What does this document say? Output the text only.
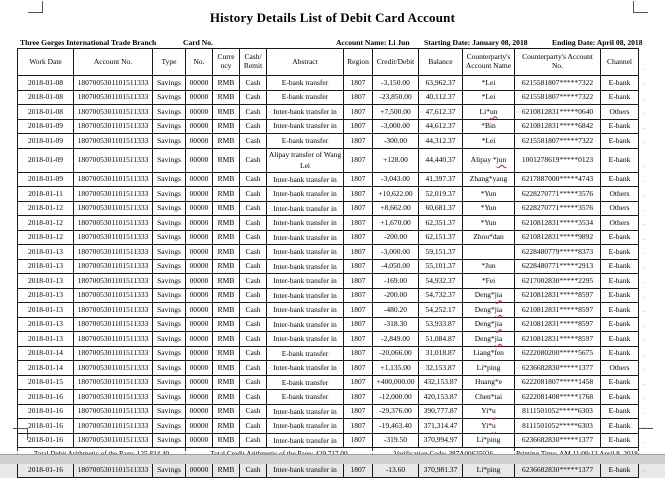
History Details List of Debit Card Account
Three Gorges International Trade Branch	Card No.	Account Name: Li Jun Starting Date: January 08, 2018	Ending Date: April 08, 2018
Work Date	Account No.	Type	No.	Curre ncy	Cash/ Remit	Abstract	Region	Credit/Debit	Balance	Counterparty's Account Name	Counterparty's Account No.	Channel
2018-01-08	1807005301101511333	Savings	00000	RMB	Cash	E-bank transfer	1807	-3,150.00	63,962.37	*Lei	6215581807*****7322	E-bank
2018-01-08	1807005301101511333	Savings	00000	RMB	Cash	E-bank transfer	1807	-23,850.00	40,112.37	*Lei	6215581807*****7322	E-bank
2018-01-08	1807005301101511333	Savings	00000	RMB	Cash	Inter-bank transfer in	1807	+7,500.00	47,612.37	Li*un	6210812831*****0640	Others
2018-01-09	1807005301101511333	Savings	00000	RMB	Cash	Inter-bank transfer in	1807	-3,000.00	44,612.37	*Bin	6210812831*****6842	E-bank
2018-01-09	1807005301101511333	Savings	00000	RMB	Cash	E-bank transfer	1807	-300.00	44,312.37	*Lei	6215581807*****7322	E-bank
2018-01-09	1807005301101511333	Savings	00000	RMB	Cash	Alipay transfer of Wang Lei	1807	+128.00	44,440.37	Alipay *jun	1001278619*****0123	E-bank
2018-01-09	1807005301101511333	Savings	00000	RMB	Cash	Inter-bank transfer in	1807	-3,043.00	41,397.37	Zhang*yang	6217887000*****4743	E-bank
2018-01-11	1807005301101511333	Savings	00000	RMB	Cash	Inter-bank transfer in	1807	+10,622.00	52,019.37	*Yun	6228270771*****3576	Others
2018-01-12	1807005301101511333	Savings	00000	RMB	Cash	Inter-bank transfer in	1807	+8,662.00	60,681.37	*Yun	6228270771*****3576	Others
2018-01-12	1807005301101511333	Savings	00000	RMB	Cash	Inter-bank transfer in	1807	+1,670.00	62,351.37	*Yun	6210812831*****3534	Others
2018-01-12	1807005301101511333	Savings	00000	RMB	Cash	Inter-bank transfer in	1807	-200.00	62,151.37	Zhou*dan	6210812831*****9892	E-bank
2018-01-13	1807005301101511333	Savings	00000	RMB	Cash	Inter-bank transfer in	1807	-3,000.00	59,151.37		6228480779*****8373	E-bank
2018-01-13	1807005301101511333	Savings	00000	RMB	Cash	Inter-bank transfer in	1807	-4,050.00	55,101.37	*Jun	6228480771*****2913	E-bank
2018-01-13	1807005301101511333	Savings	00000	RMB	Cash	Inter-bank transfer in	1807	-169.00	54,932.37	*Fei	6217002830*****2295	E-bank
2018-01-13	1807005301101511333	Savings	00000	RMB	Cash	Inter-bank transfer in	1807	-200.00	54,732.37	Deng*jia	6210812831*****8597	E-bank
2018-01-13	1807005301101511333	Savings	00000	RMB	Cash	Inter-bank transfer in	1807	-480.20	54,252.17	Deng*jia	6210812831*****8597	E-bank
2018-01-13	1807005301101511333	Savings	00000	RMB	Cash	Inter-bank transfer in	1807	-318.30	53,933.87	Deng*jia	6210812831*****8597	E-bank
2018-01-13	1807005301101511333	Savings	00000	RMB	Cash	Inter-bank transfer in	1807	-2,849.00	51,084.87	Deng*jia	6210812831*****8597	E-bank
2018-01-14	1807005301101511333	Savings	00000	RMB	Cash	E-bank transfer	1807	-20,066.00	31,018.87	Liang*fen	6222080200*****5675	E-bank
2018-01-14	1807005301101511333	Savings	00000	RMB	Cash	Inter-bank transfer in	1807	+1,135.00	32,153.87	Li*ping	6236682830*****1377	Others
2018-01-15	1807005301101511333	Savings	00000	RMB	Cash	E-bank transfer	1807	+400,000.00	432,153.87	Huang*e	6222081807*****1458	E-bank
2018-01-16	1807005301101511333	Savings	00000	RMB	Cash	E-bank transfer	1807	-12,000.00	420,153.87	Chen*tai	6222081408*****1768	E-bank
2018-01-16	1807005301101511333	Savings	00000	RMB	Cash	Inter-bank transfer in	1807	-29,376.00	390,777.87	Yi*u	8111501052*****6303	E-bank
2018-01-16	1807005301101511333	Savings	00000	RMB	Cash	Inter-bank transfer in	1807	-19,463.40	371,314.47	Yi*u	8111501052*****6303	E-bank
2018-01-16	1807005301101511333	Savings	00000	RMB	Cash	Inter-bank transfer in	1807	-319.50	370,994.97	Li*ping	6236682830*****1377	E-bank

2018-01-16	1807005301101511333	Savings	00000	RMB	Cash	Inter-bank transfer in	1807	-13.60	370,981.37	Li*ping	6236682830*****1377	E-bank
·
·
·
·
·
·
·
·
·
·
·
·
·
·
·
·
·
·
·
·
·
·
·
·
·
·
·
